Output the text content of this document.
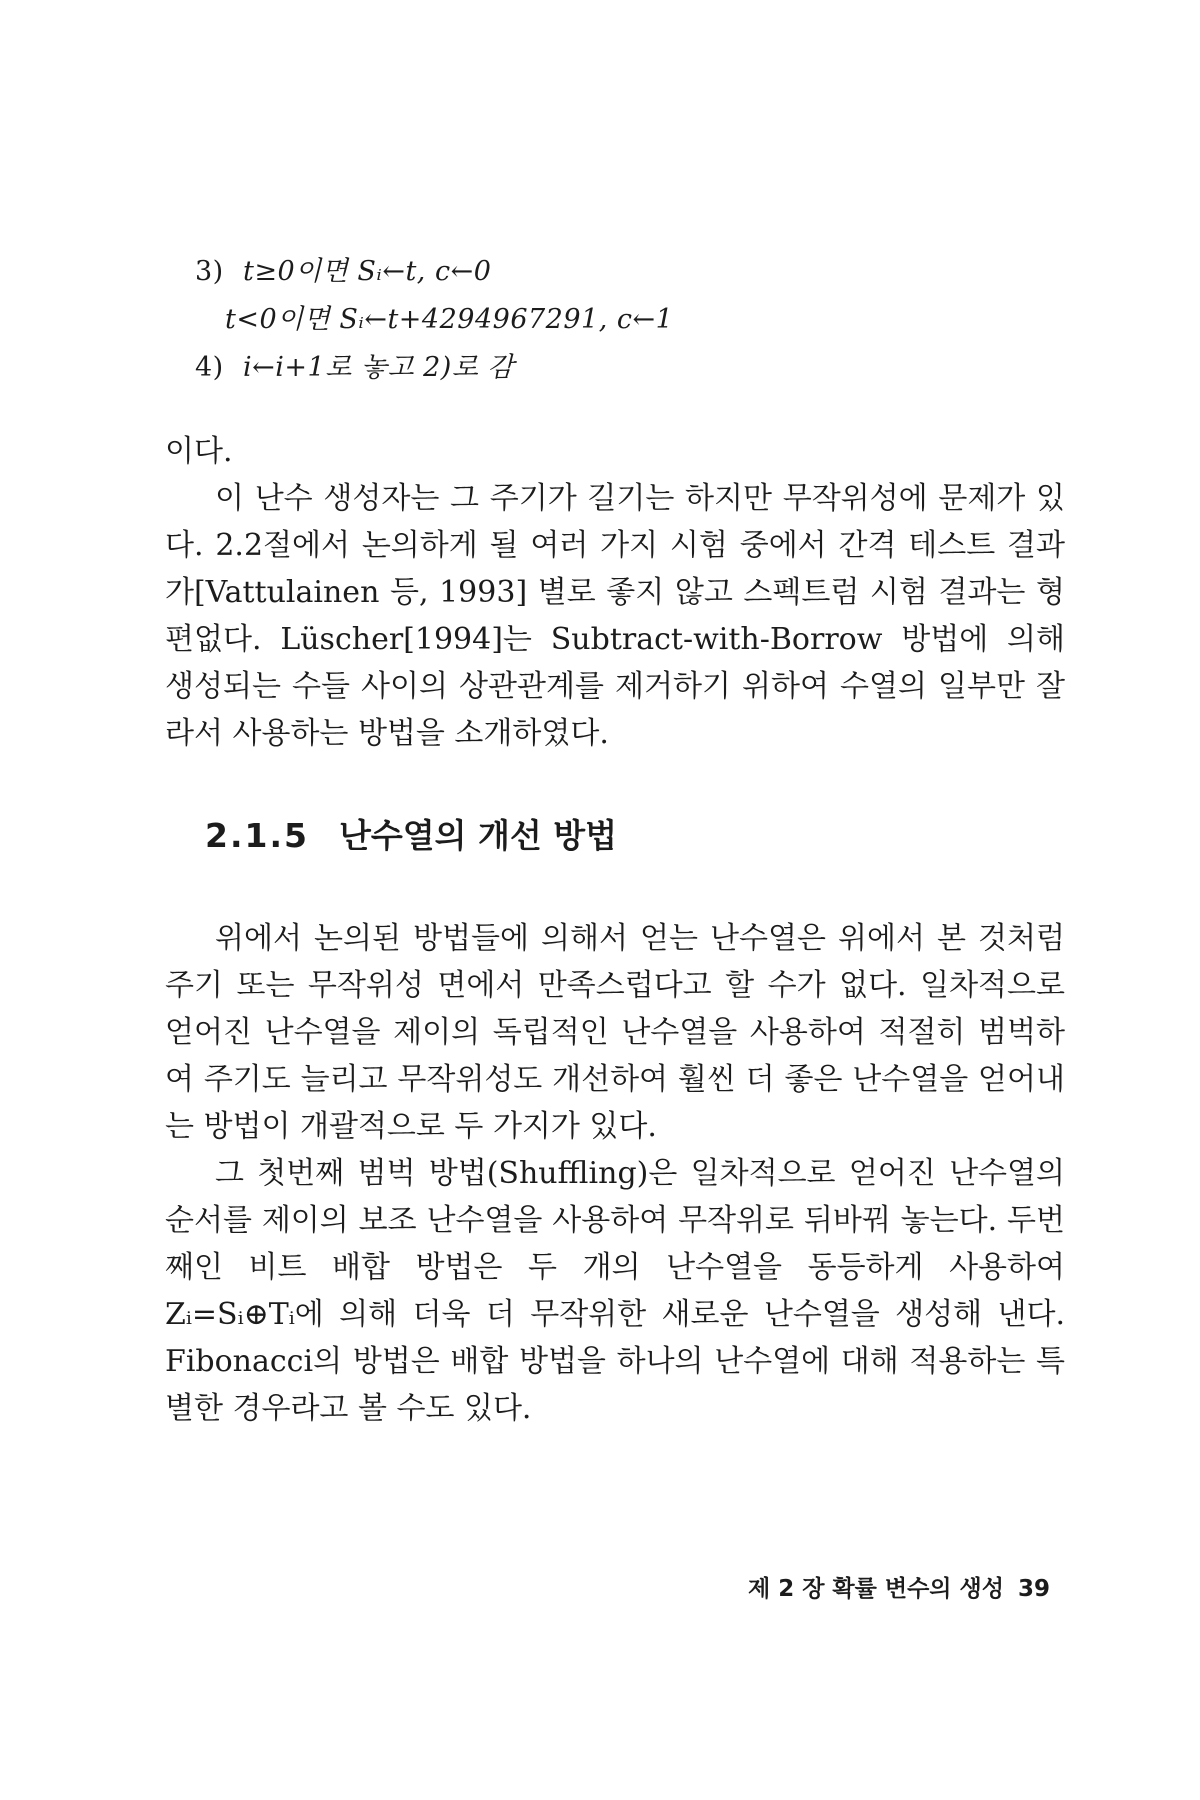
3) t≥0이면 Sᵢ←t, c←0
t<0이면 Sᵢ←t+4294967291, c←1
4) i←i+1로 놓고 2)로 감
이다.
이 난수 생성자는 그 주기가 길기는 하지만 무작위성에 문제가 있다. 2.2절에서 논의하게 될 여러 가지 시험 중에서 간격 테스트 결과가[Vattulainen 등, 1993] 별로 좋지 않고 스펙트럼 시험 결과는 형편없다. Lüscher[1994]는 Subtract-with-Borrow 방법에 의해 생성되는 수들 사이의 상관관계를 제거하기 위하여 수열의 일부만 잘라서 사용하는 방법을 소개하였다.
2.1.5 난수열의 개선 방법
위에서 논의된 방법들에 의해서 얻는 난수열은 위에서 본 것처럼 주기 또는 무작위성 면에서 만족스럽다고 할 수가 없다. 일차적으로 얻어진 난수열을 제이의 독립적인 난수열을 사용하여 적절히 범벅하여 주기도 늘리고 무작위성도 개선하여 훨씬 더 좋은 난수열을 얻어내는 방법이 개괄적으로 두 가지가 있다.
그 첫번째 범벅 방법(Shuffling)은 일차적으로 얻어진 난수열의 순서를 제이의 보조 난수열을 사용하여 무작위로 뒤바꿔 놓는다. 두번째인 비트 배합 방법은 두 개의 난수열을 동등하게 사용하여 Zᵢ=Sᵢ⊕Tᵢ에 의해 더욱 더 무작위한 새로운 난수열을 생성해 낸다. Fibonacci의 방법은 배합 방법을 하나의 난수열에 대해 적용하는 특별한 경우라고 볼 수도 있다.
제 2 장 확률 변수의 생성 39
